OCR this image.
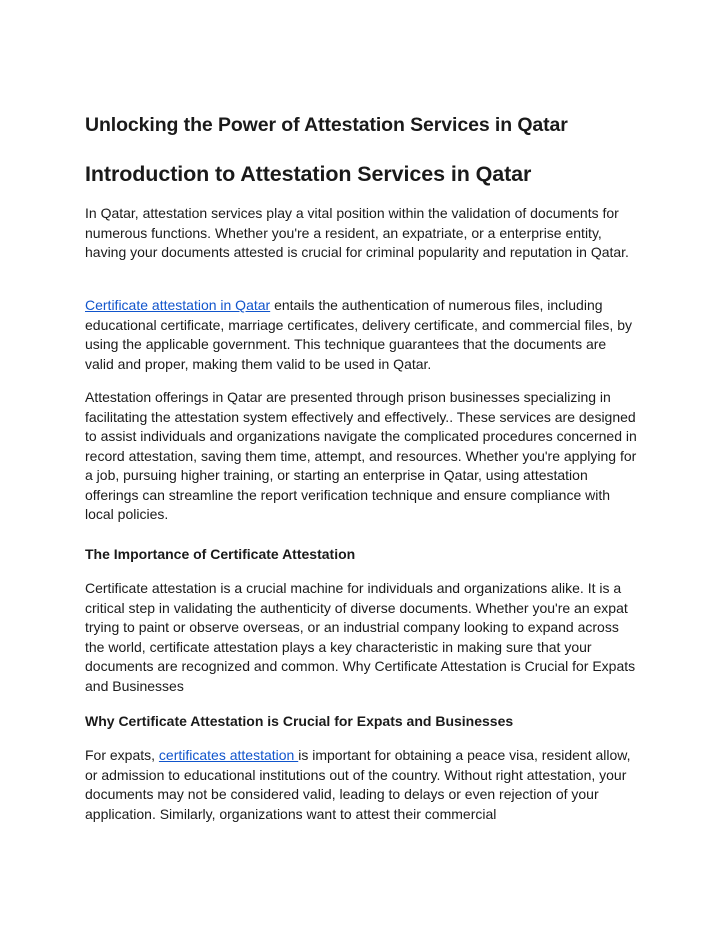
Unlocking the Power of Attestation Services in Qatar
Introduction to Attestation Services in Qatar

In Qatar, attestation services play a vital position within the validation of documents for numerous functions. Whether you're a resident, an expatriate, or a enterprise entity, having your documents attested is crucial for criminal popularity and reputation in Qatar.

Certificate attestation in Qatar entails the authentication of numerous files, including educational certificate, marriage certificates, delivery certificate, and commercial files, by using the applicable government. This technique guarantees that the documents are valid and proper, making them valid to be used in Qatar.

Attestation offerings in Qatar are presented through prison businesses specializing in facilitating the attestation system effectively and effectively.. These services are designed to assist individuals and organizations navigate the complicated procedures concerned in record attestation, saving them time, attempt, and resources. Whether you're applying for a job, pursuing higher training, or starting an enterprise in Qatar, using attestation offerings can streamline the report verification technique and ensure compliance with local policies.

The Importance of Certificate Attestation

Certificate attestation is a crucial machine for individuals and organizations alike. It is a critical step in validating the authenticity of diverse documents. Whether you're an expat trying to paint or observe overseas, or an industrial company looking to expand across the world, certificate attestation plays a key characteristic in making sure that your documents are recognized and common. Why Certificate Attestation is Crucial for Expats and Businesses

Why Certificate Attestation is Crucial for Expats and Businesses

For expats, certificates attestation is important for obtaining a peace visa, resident allow, or admission to educational institutions out of the country. Without right attestation, your documents may not be considered valid, leading to delays or even rejection of your application. Similarly, organizations want to attest their commercial
